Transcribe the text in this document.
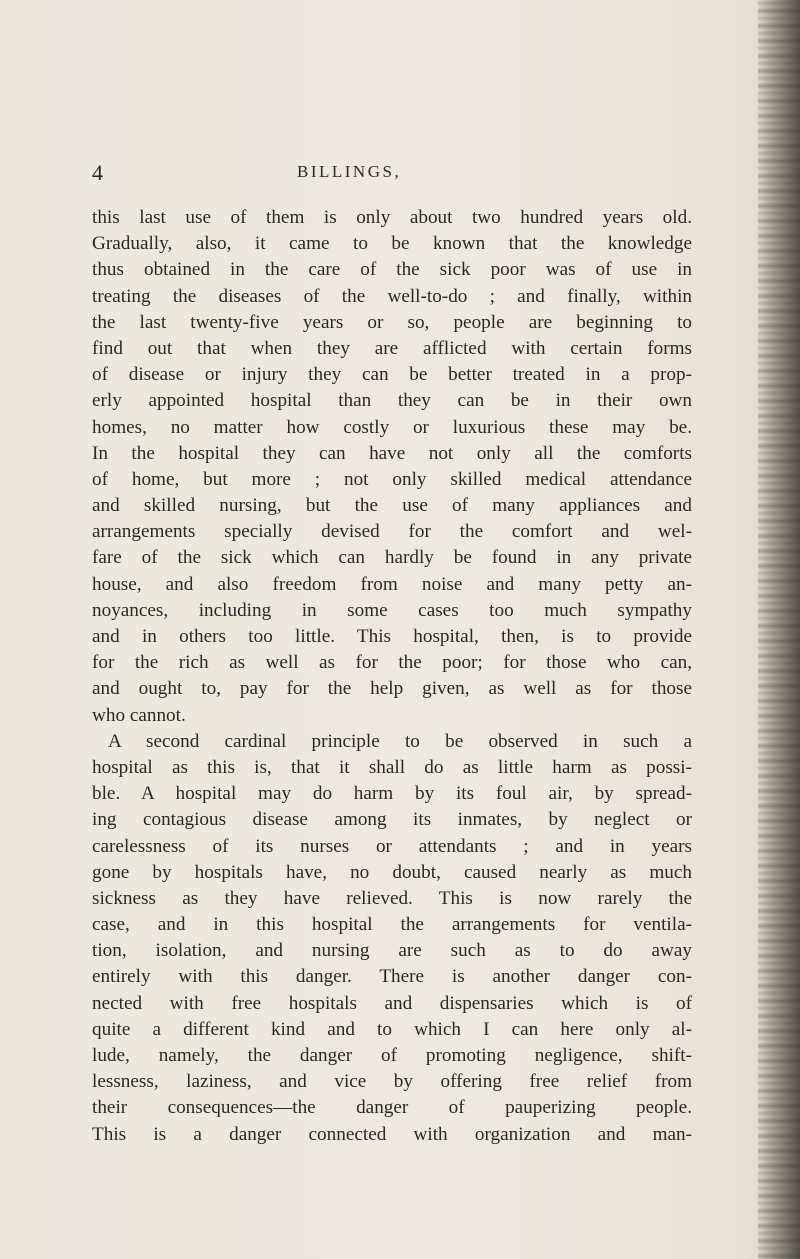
4	BILLINGS,
this last use of them is only about two hundred years old.
Gradually, also, it came to be known that the knowledge
thus obtained in the care of the sick poor was of use in
treating the diseases of the well-to-do ; and finally, within
the last twenty-five years or so, people are beginning to
find out that when they are afflicted with certain forms
of disease or injury they can be better treated in a prop-
erly appointed hospital than they can be in their own
homes, no matter how costly or luxurious these may be.
In the hospital they can have not only all the comforts
of home, but more ; not only skilled medical attendance
and skilled nursing, but the use of many appliances and
arrangements specially devised for the comfort and wel-
fare of the sick which can hardly be found in any private
house, and also freedom from noise and many petty an-
noyances, including in some cases too much sympathy
and in others too little. This hospital, then, is to provide
for the rich as well as for the poor; for those who can,
and ought to, pay for the help given, as well as for those
who cannot.
A second cardinal principle to be observed in such a
hospital as this is, that it shall do as little harm as possi-
ble. A hospital may do harm by its foul air, by spread-
ing contagious disease among its inmates, by neglect or
carelessness of its nurses or attendants ; and in years
gone by hospitals have, no doubt, caused nearly as much
sickness as they have relieved. This is now rarely the
case, and in this hospital the arrangements for ventila-
tion, isolation, and nursing are such as to do away
entirely with this danger. There is another danger con-
nected with free hospitals and dispensaries which is of
quite a different kind and to which I can here only al-
lude, namely, the danger of promoting negligence, shift-
lessness, laziness, and vice by offering free relief from
their consequences—the danger of pauperizing people.
This is a danger connected with organization and man-
